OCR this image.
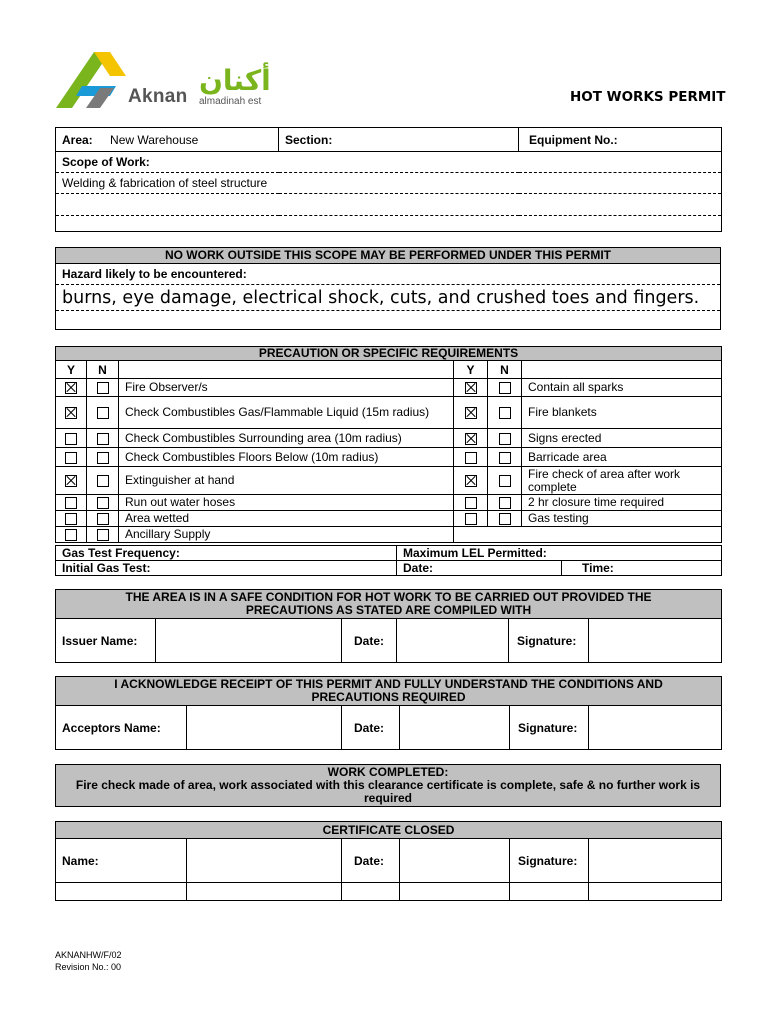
Aknan أكنان
almadinah est	HOT WORKS PERMIT
Area: New Warehouse	Section:	Equipment No.:
Scope of Work:
Welding & fabrication of steel structure

NO WORK OUTSIDE THIS SCOPE MAY BE PERFORMED UNDER THIS PERMIT
Hazard likely to be encountered:
burns, eye damage, electrical shock, cuts, and crushed toes and fingers.

PRECAUTION OR SPECIFIC REQUIREMENTS					
Y	N		Y	N	
		Fire Observer/s			Contain all sparks
		Check Combustibles Gas/Flammable Liquid (15m radius)			Fire blankets
		Check Combustibles Surrounding area (10m radius)			Signs erected
		Check Combustibles Floors Below (10m radius)			Barricade area
		Extinguisher at hand			Fire check of area after work complete
		Run out water hoses			2 hr closure time required
		Area wetted			Gas testing
		Ancillary Supply			
Gas Test Frequency:	Maximum LEL Permitted:	
Initial Gas Test:	Date:	Time:
THE AREA IS IN A SAFE CONDITION FOR HOT WORK TO BE CARRIED OUT PROVIDED THE PRECAUTIONS AS STATED ARE COMPILED WITH
Issuer Name:		Date:		Signature:	
I ACKNOWLEDGE RECEIPT OF THIS PERMIT AND FULLY UNDERSTAND THE CONDITIONS AND PRECAUTIONS REQUIRED
Acceptors Name:		Date:		Signature:	
WORK COMPLETED:
Fire check made of area, work associated with this clearance certificate is complete, safe & no further work is required
CERTIFICATE CLOSED					
Name:		Date:		Signature:	

AKNANHW/F/02
Revision No.: 00
